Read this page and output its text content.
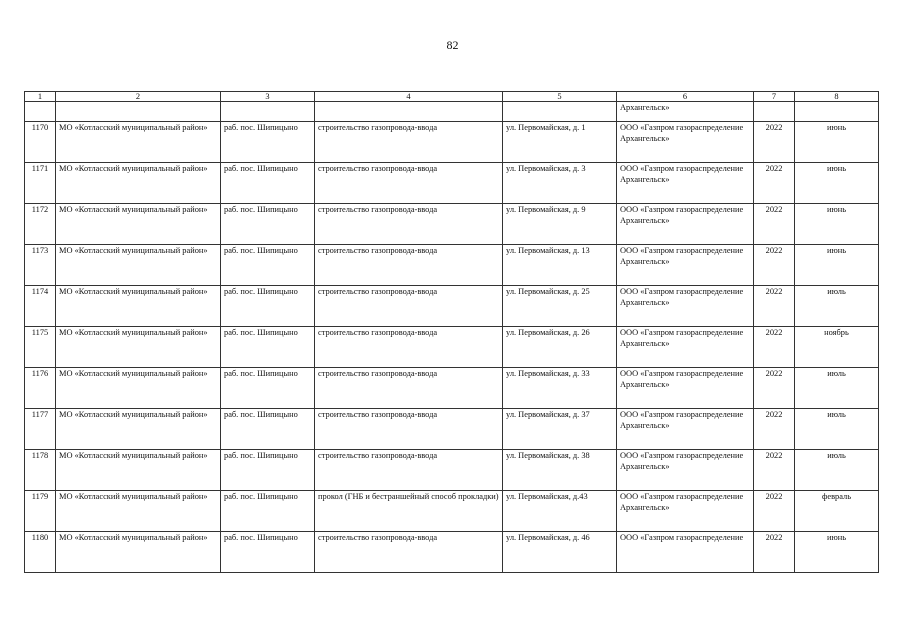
82
1	2	3	4	5	6	7	8
					Архангельск»		
1170	МО «Котласский муниципальный район»	раб. пос. Шипицыно	строительство газопровода-ввода	ул. Первомайская, д. 1	ООО «Газпром газораспределение Архангельск»	2022	июнь
1171	МО «Котласский муниципальный район»	раб. пос. Шипицыно	строительство газопровода-ввода	ул. Первомайская, д. 3	ООО «Газпром газораспределение Архангельск»	2022	июнь
1172	МО «Котласский муниципальный район»	раб. пос. Шипицыно	строительство газопровода-ввода	ул. Первомайская, д. 9	ООО «Газпром газораспределение Архангельск»	2022	июнь
1173	МО «Котласский муниципальный район»	раб. пос. Шипицыно	строительство газопровода-ввода	ул. Первомайская, д. 13	ООО «Газпром газораспределение Архангельск»	2022	июнь
1174	МО «Котласский муниципальный район»	раб. пос. Шипицыно	строительство газопровода-ввода	ул. Первомайская, д. 25	ООО «Газпром газораспределение Архангельск»	2022	июль
1175	МО «Котласский муниципальный район»	раб. пос. Шипицыно	строительство газопровода-ввода	ул. Первомайская, д. 26	ООО «Газпром газораспределение Архангельск»	2022	ноябрь
1176	МО «Котласский муниципальный район»	раб. пос. Шипицыно	строительство газопровода-ввода	ул. Первомайская, д. 33	ООО «Газпром газораспределение Архангельск»	2022	июль
1177	МО «Котласский муниципальный район»	раб. пос. Шипицыно	строительство газопровода-ввода	ул. Первомайская, д. 37	ООО «Газпром газораспределение Архангельск»	2022	июль
1178	МО «Котласский муниципальный район»	раб. пос. Шипицыно	строительство газопровода-ввода	ул. Первомайская, д. 38	ООО «Газпром газораспределение Архангельск»	2022	июль
1179	МО «Котласский муниципальный район»	раб. пос. Шипицыно	прокол (ГНБ и бестраншейный способ прокладки)	ул. Первомайская, д.43	ООО «Газпром газораспределение Архангельск»	2022	февраль
1180	МО «Котласский муниципальный район»	раб. пос. Шипицыно	строительство газопровода-ввода	ул. Первомайская, д. 46	ООО «Газпром газораспределение	2022	июнь
